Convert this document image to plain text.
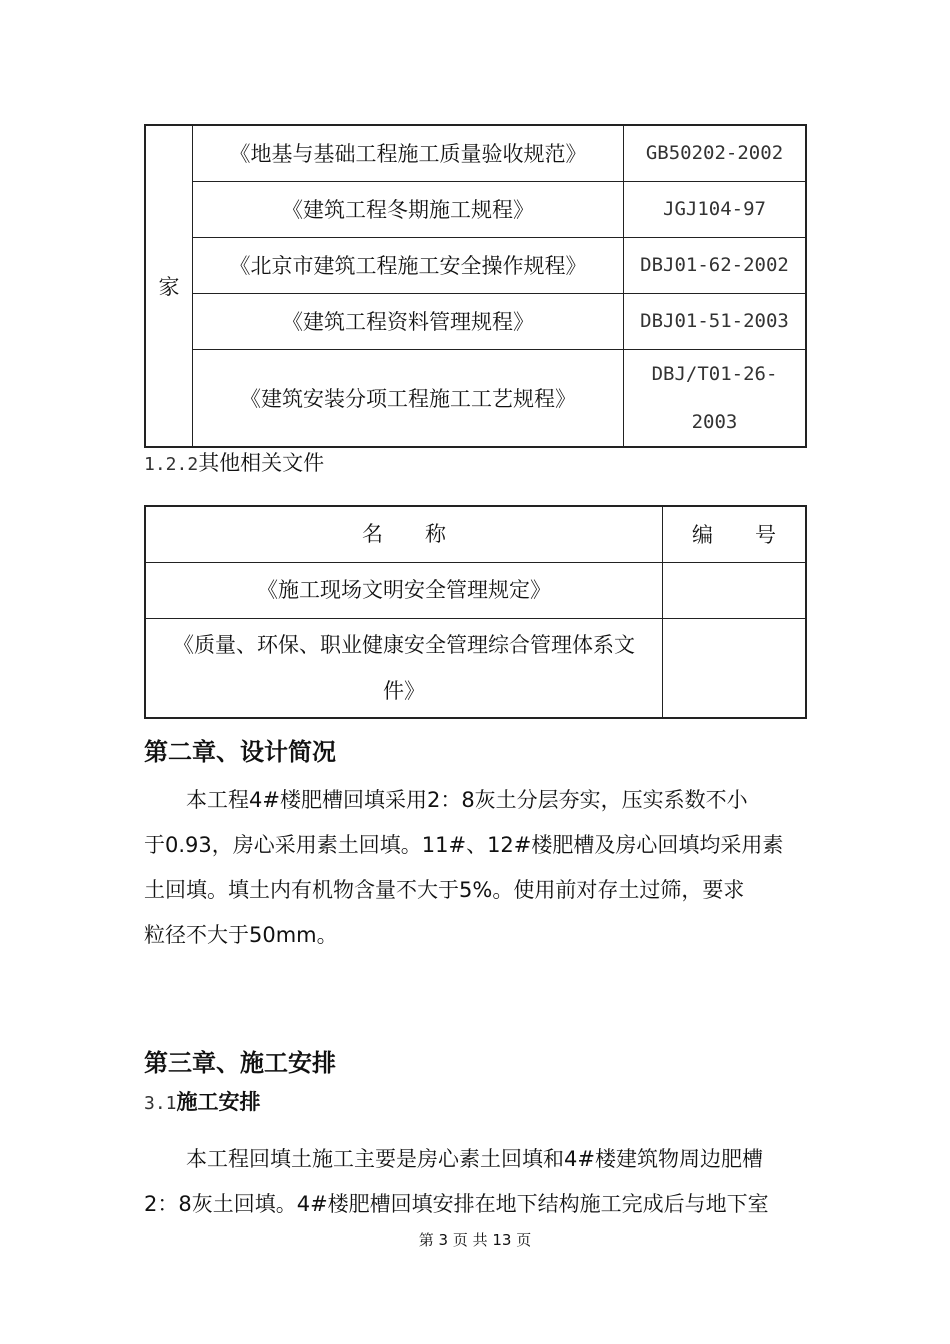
家	《地基与基础工程施工质量验收规范》	GB50202-2002
	《建筑工程冬期施工规程》	JGJ104-97
	《北京市建筑工程施工安全操作规程》	DBJ01-62-2002
	《建筑工程资料管理规程》	DBJ01-51-2003
	《建筑安装分项工程施工工艺规程》	DBJ/T01-26-
2003
1.2.2其他相关文件
名　　称	编　　号
《施工现场文明安全管理规定》	

《质量、环保、职业健康安全管理综合管理体系文
件》	

第二章、设计简况
　　本工程4#楼肥槽回填采用2：8灰土分层夯实，压实系数不小
于0.93，房心采用素土回填。11#、12#楼肥槽及房心回填均采用素
土回填。填土内有机物含量不大于5%。使用前对存土过筛，要求
粒径不大于50mm。
第三章、施工安排
3.1施工安排
　　本工程回填土施工主要是房心素土回填和4#楼建筑物周边肥槽
2：8灰土回填。4#楼肥槽回填安排在地下结构施工完成后与地下室
第 3 页 共 13 页
